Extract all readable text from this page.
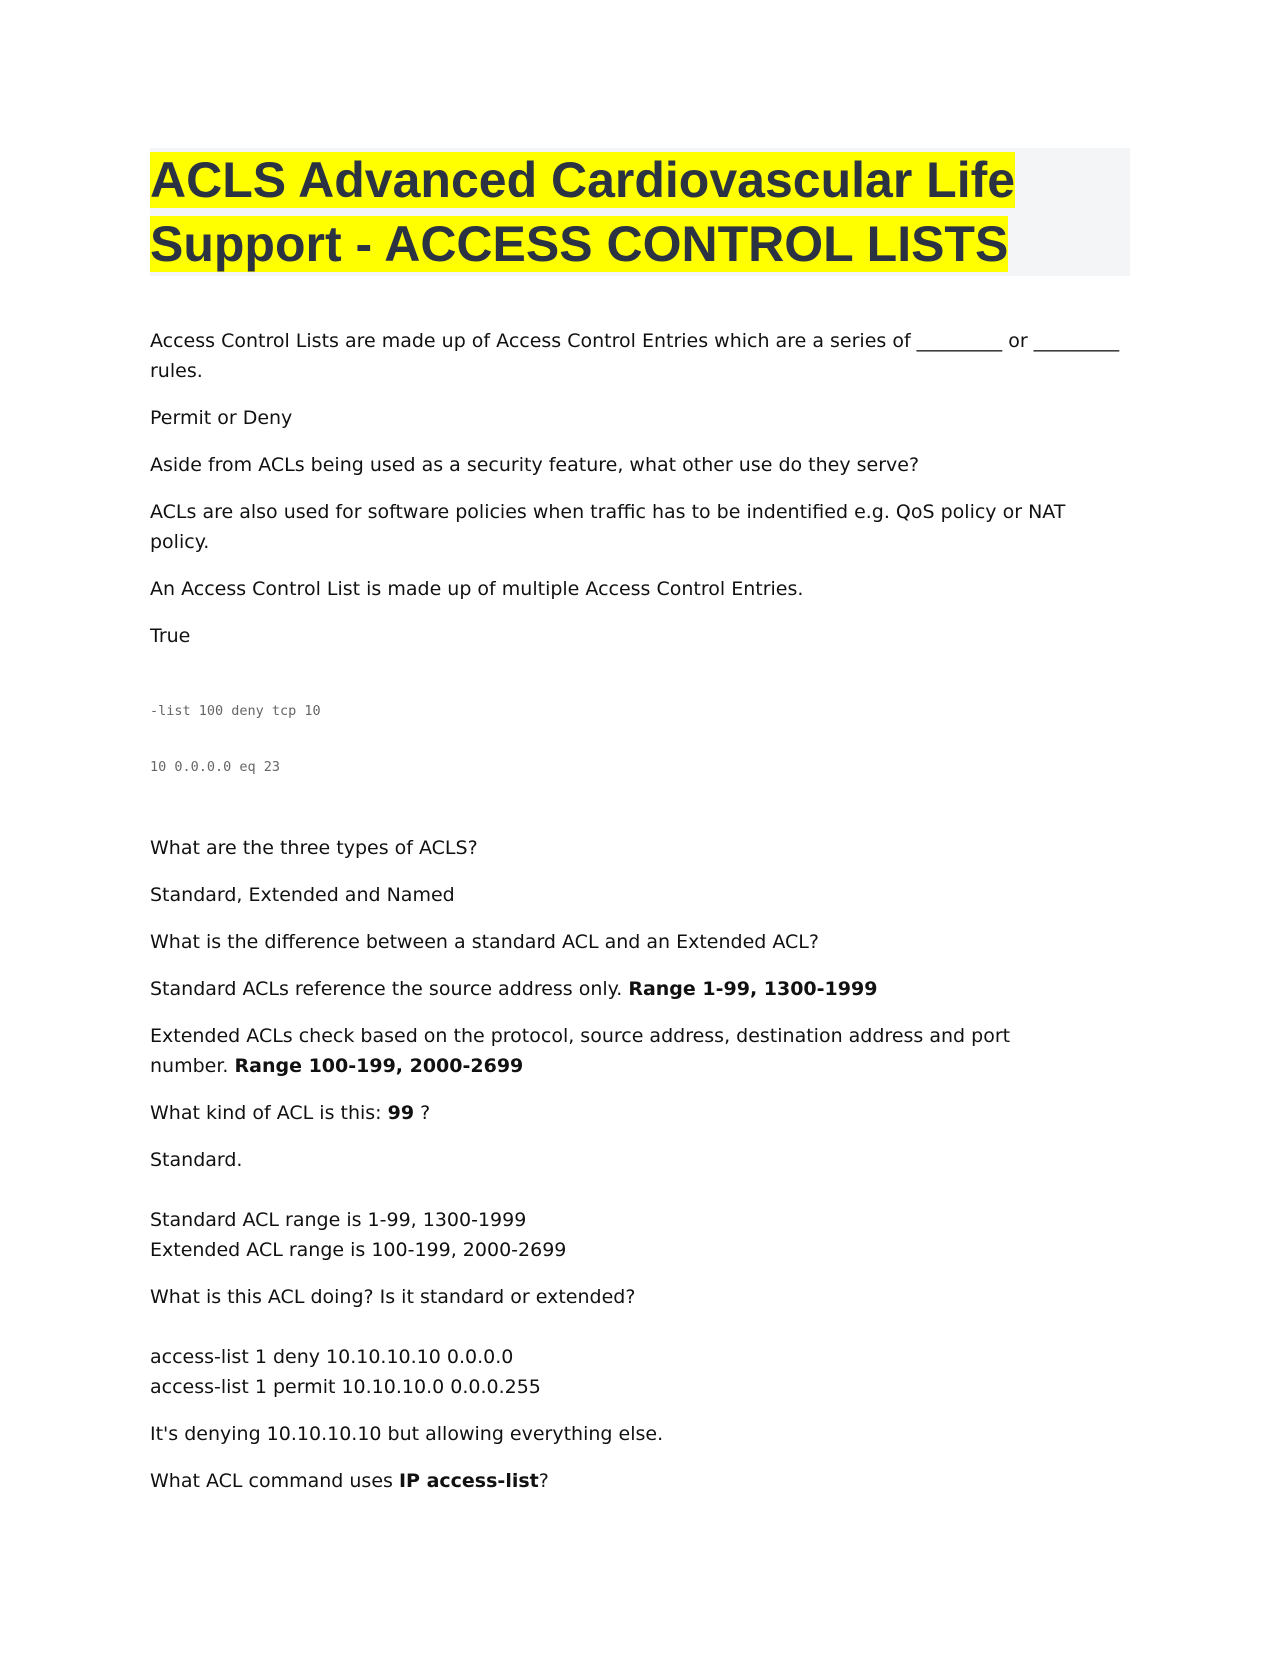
ACLS Advanced Cardiovascular Life
Support - ACCESS CONTROL LISTS

Access Control Lists are made up of Access Control Entries which are a series of _________ or _________ rules.

Permit or Deny

Aside from ACLs being used as a security feature, what other use do they serve?

ACLs are also used for software policies when traffic has to be indentified e.g. QoS policy or NAT policy.

An Access Control List is made up of multiple Access Control Entries.

True

-list 100 deny tcp 10

10 0.0.0.0 eq 23

What are the three types of ACLS?

Standard, Extended and Named

What is the difference between a standard ACL and an Extended ACL?

Standard ACLs reference the source address only. Range 1-99, 1300-1999

Extended ACLs check based on the protocol, source address, destination address and port
number. Range 100-199, 2000-2699

What kind of ACL is this: 99 ?

Standard.

Standard ACL range is 1-99, 1300-1999
Extended ACL range is 100-199, 2000-2699

What is this ACL doing? Is it standard or extended?

access-list 1 deny 10.10.10.10 0.0.0.0
access-list 1 permit 10.10.10.0 0.0.0.255

It's denying 10.10.10.10 but allowing everything else.

What ACL command uses IP access-list?
